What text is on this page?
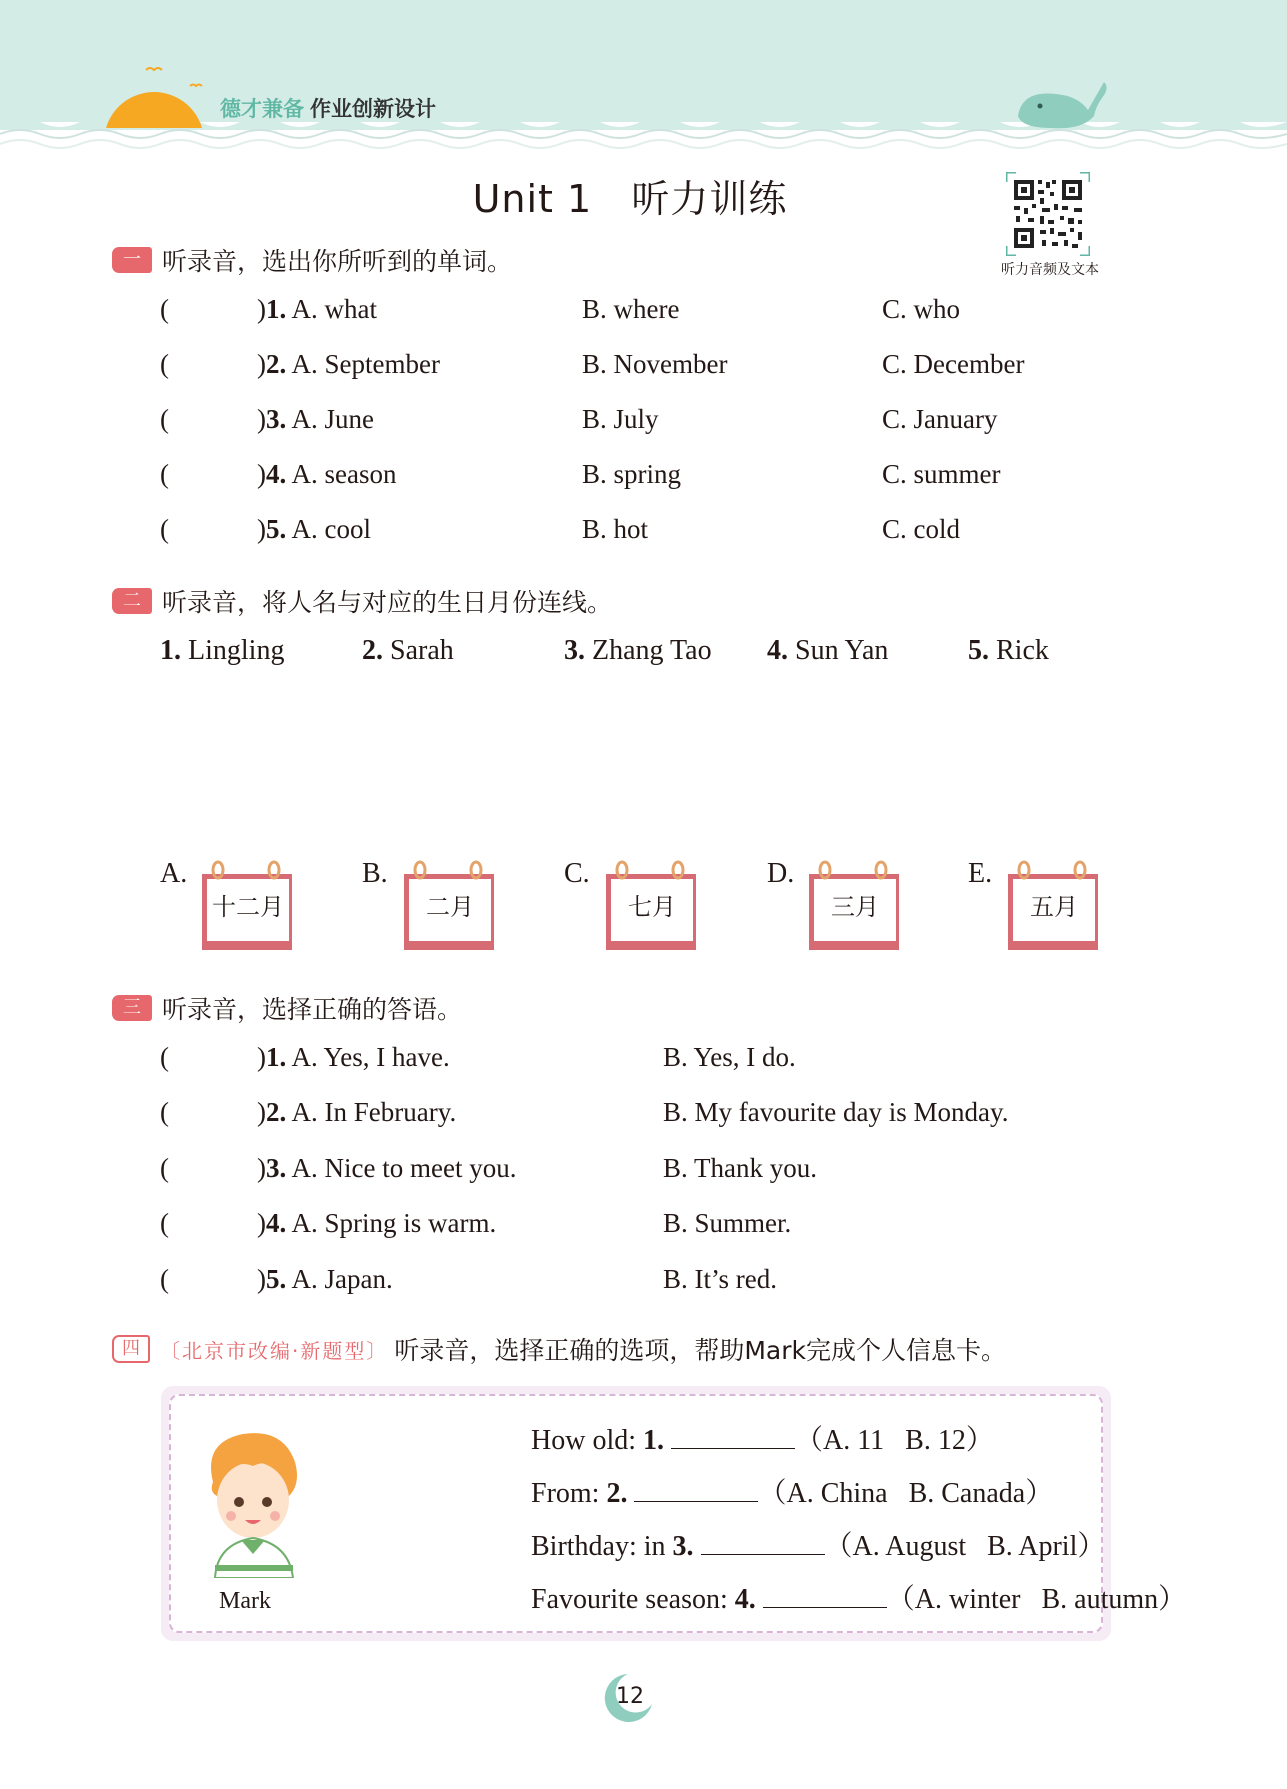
德才兼备 作业创新设计
Unit 1   听力训练
听力音频及文本
一 听录音，选出你所听到的单词。
(	)1. A. what	B. where	C. who
(	)2. A. September	B. November	C. December
(	)3. A. June	B. July	C. January
(	)4. A. season	B. spring	C. summer
(	)5. A. cool	B. hot	C. cold
二 听录音，将人名与对应的生日月份连线。
1. Lingling	2. Sarah	3. Zhang Tao 4. Sun Yan	5. Rick
A.
十二月
B.
二月
C.
七月
D.
三月
E.
五月
三 听录音，选择正确的答语。
(	)1. A. Yes, I have.	B. Yes, I do.
(	)2. A. In February.	B. My favourite day is Monday.
(	)3. A. Nice to meet you.	B. Thank you.
(	)4. A. Spring is warm.	B. Summer.
(	)5. A. Japan.	B. It’s red.
四	〔北京市改编·新题型〕 听录音，选择正确的选项，帮助Mark完成个人信息卡。
Mark
How old: 1.	（A. 11   B. 12）
From: 2.	（A. China   B. Canada）
Birthday: in 3.	（A. August   B. April）
Favourite season: 4.	（A. winter   B. autumn）
12
